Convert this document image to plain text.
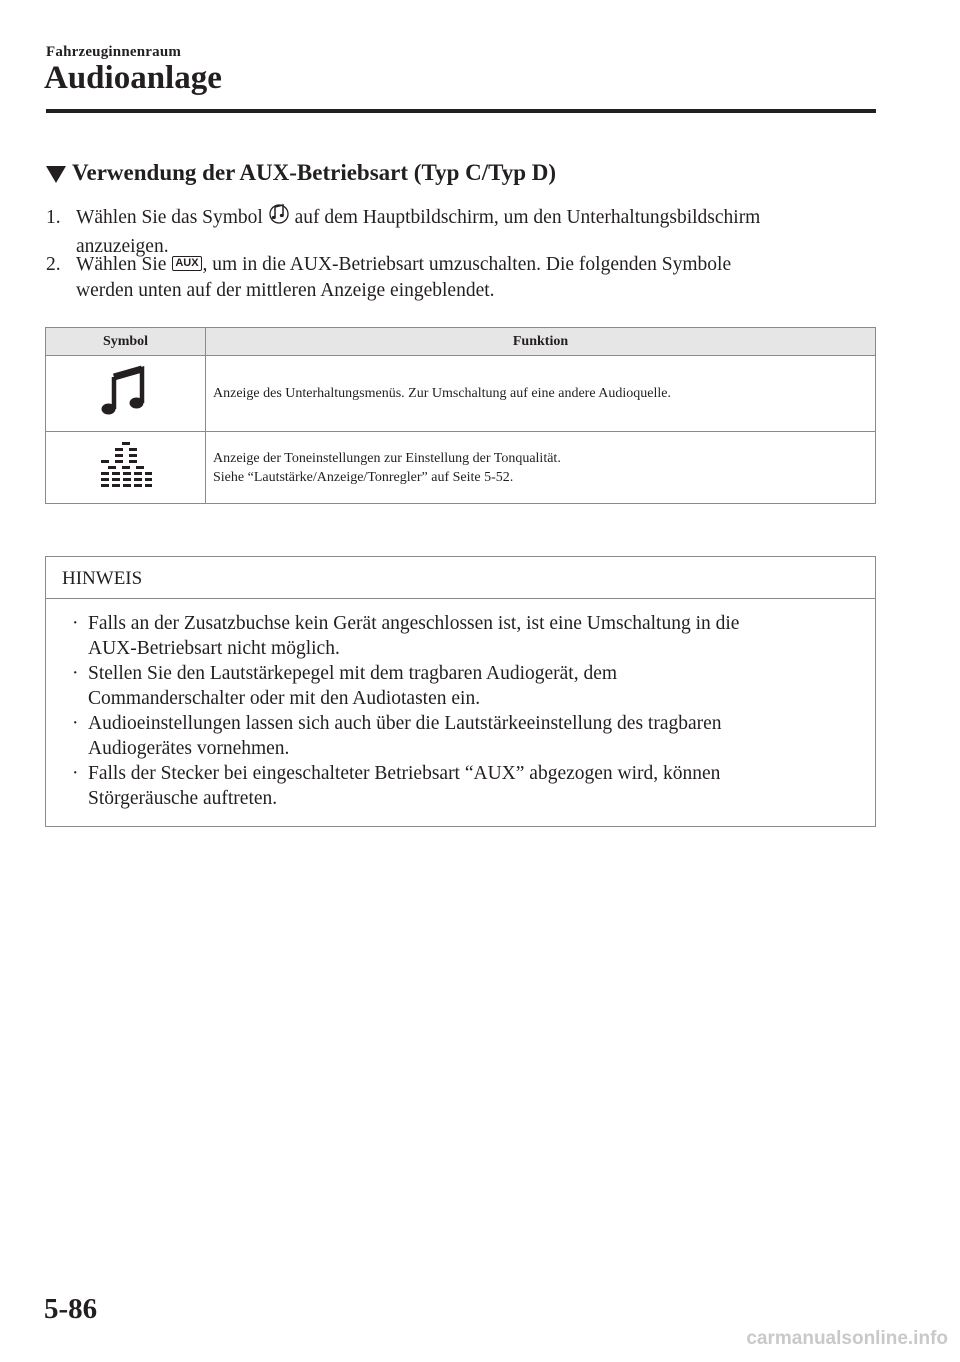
Fahrzeuginnenraum
Audioanlage
Verwendung der AUX-Betriebsart (Typ C/Typ D)
1. Wählen Sie das Symbol auf dem Hauptbildschirm, um den Unterhaltungsbildschirm
anzuzeigen.
2. Wählen Sie AUX , um in die AUX-Betriebsart umzuschalten. Die folgenden Symbole
werden unten auf der mittleren Anzeige eingeblendet.
Symbol	Funktion

Anzeige des Unterhaltungsmenüs. Zur Umschaltung auf eine andere Audioquelle.

Anzeige der Toneinstellungen zur Einstellung der Tonqualität.
Siehe “Lautstärke/Anzeige/Tonregler” auf Seite 5-52.
HINWEIS
· Falls an der Zusatzbuchse kein Gerät angeschlossen ist, ist eine Umschaltung in die
AUX-Betriebsart nicht möglich.
· Stellen Sie den Lautstärkepegel mit dem tragbaren Audiogerät, dem
Commanderschalter oder mit den Audiotasten ein.
· Audioeinstellungen lassen sich auch über die Lautstärkeeinstellung des tragbaren
Audiogerätes vornehmen.
· Falls der Stecker bei eingeschalteter Betriebsart “AUX” abgezogen wird, können
Störgeräusche auftreten.
5-86
carmanualsonline.info
